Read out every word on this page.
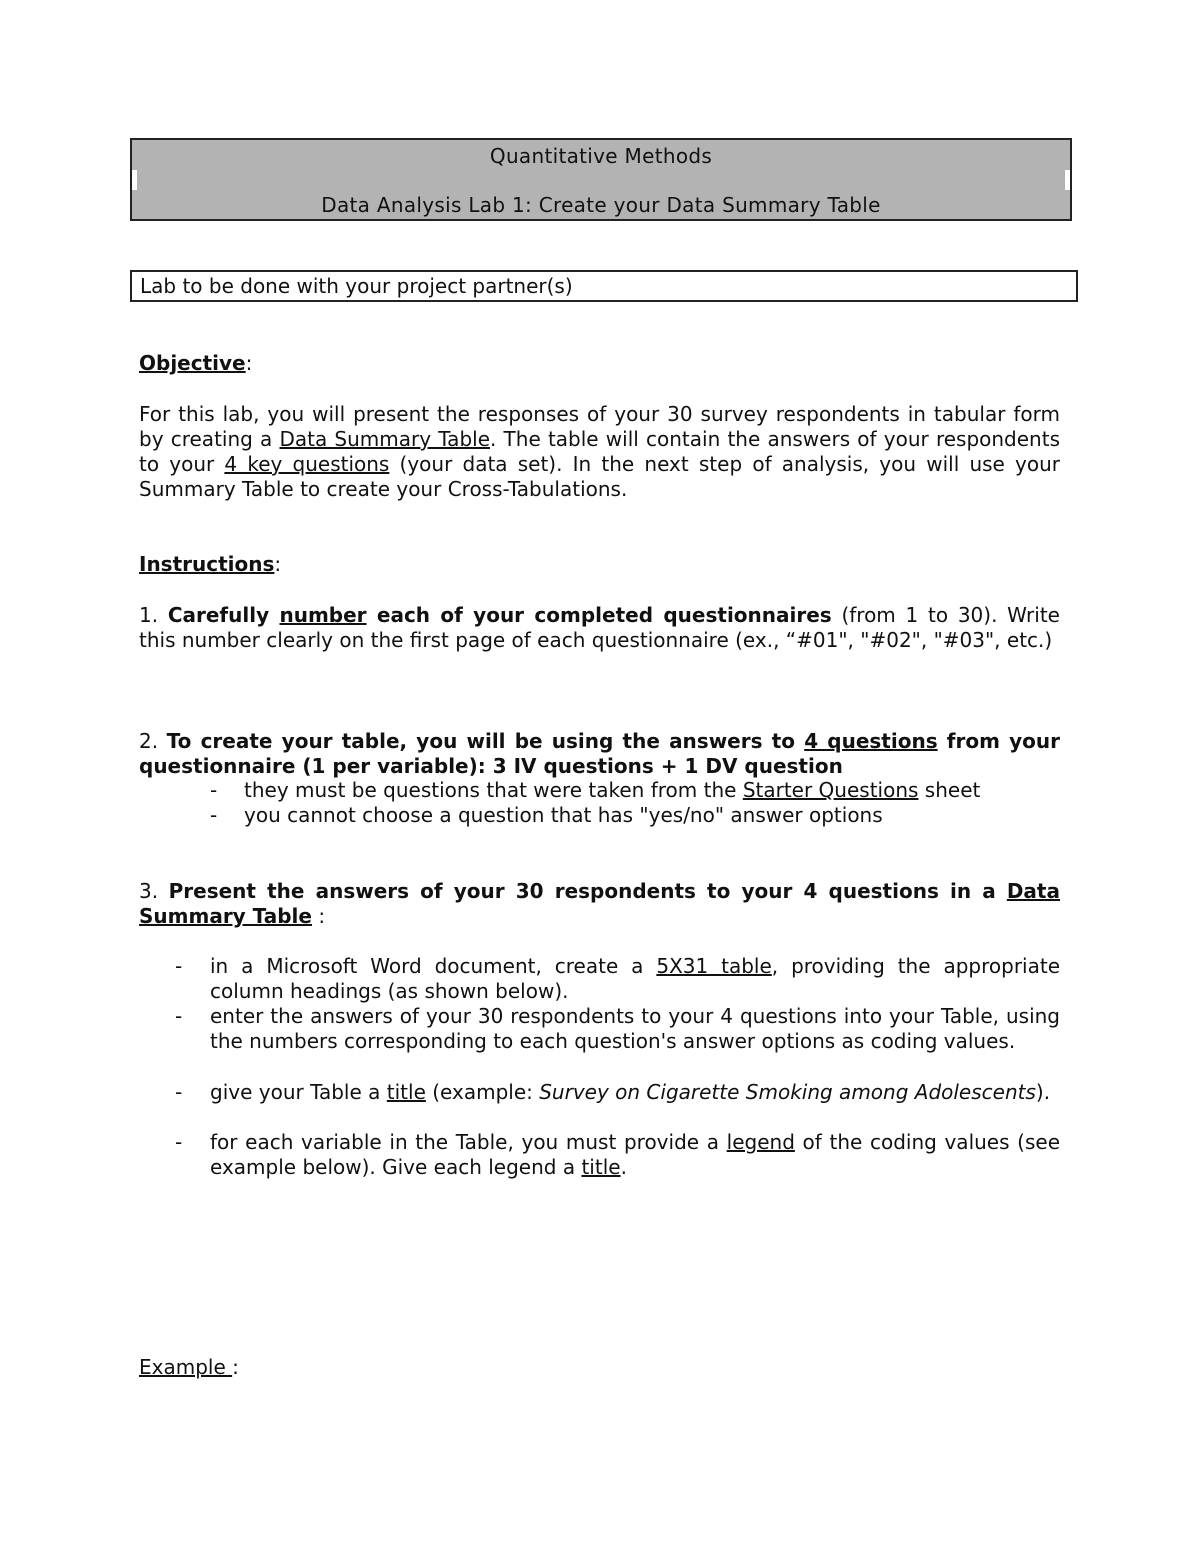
Quantitative Methods
Data Analysis Lab 1: Create your Data Summary Table
Lab to be done with your project partner(s)
Objective:
For this lab, you will present the responses of your 30 survey respondents in tabular form by creating a Data Summary Table. The table will contain the answers of your respondents to your 4 key questions (your data set). In the next step of analysis, you will use your Summary Table to create your Cross-Tabulations.
Instructions:
1. Carefully number each of your completed questionnaires (from 1 to 30). Write this number clearly on the first page of each questionnaire (ex., “#01", "#02", "#03", etc.)
2. To create your table, you will be using the answers to 4 questions from your questionnaire (1 per variable): 3 IV questions + 1 DV question
- they must be questions that were taken from the Starter Questions sheet
- you cannot choose a question that has "yes/no" answer options
3. Present the answers of your 30 respondents to your 4 questions in a Data Summary Table :
- in a Microsoft Word document, create a 5X31 table, providing the appropriate column headings (as shown below).
- enter the answers of your 30 respondents to your 4 questions into your Table, using the numbers corresponding to each question's answer options as coding values.
- give your Table a title (example: Survey on Cigarette Smoking among Adolescents).
- for each variable in the Table, you must provide a legend of the coding values (see example below). Give each legend a title.
Example :
